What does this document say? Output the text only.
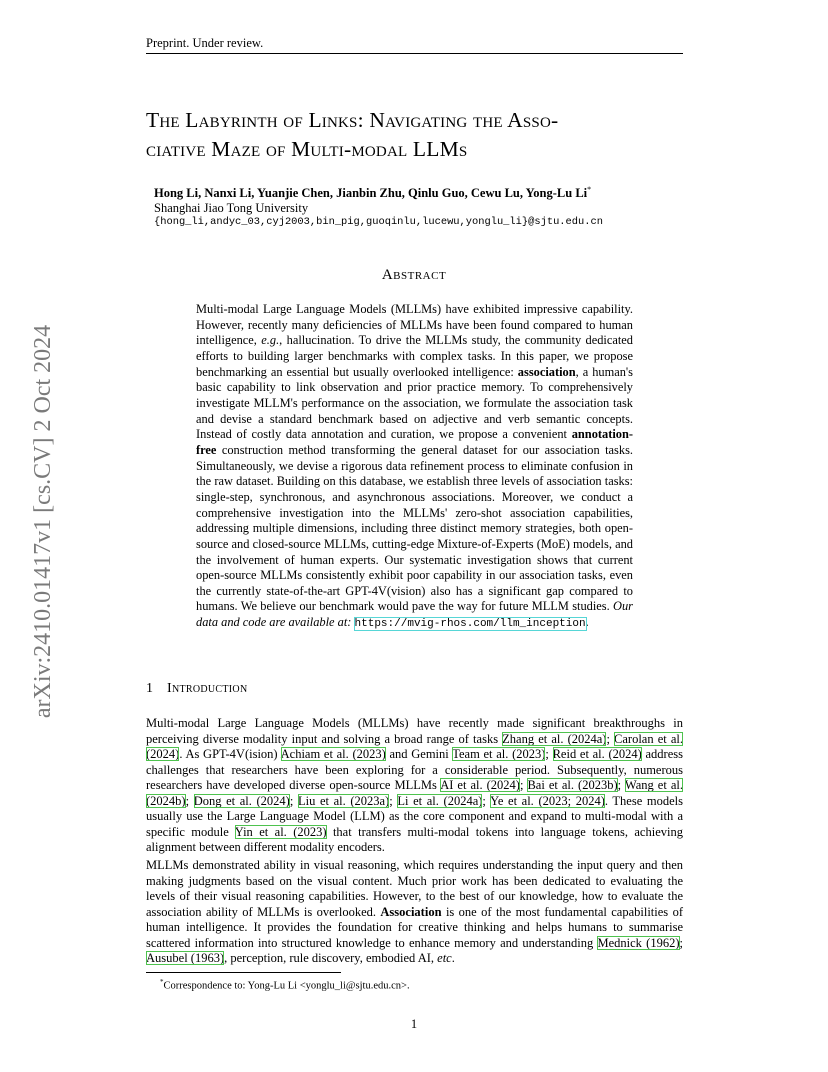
Preprint. Under review.
arXiv:2410.01417v1 [cs.CV] 2 Oct 2024
The Labyrinth of Links: Navigating the Asso-
ciative Maze of Multi-modal LLMs
Hong Li, Nanxi Li, Yuanjie Chen, Jianbin Zhu, Qinlu Guo, Cewu Lu, Yong-Lu Li*
Shanghai Jiao Tong University
{hong_li,andyc_03,cyj2003,bin_pig,guoqinlu,lucewu,yonglu_li}@sjtu.edu.cn
Abstract
Multi-modal Large Language Models (MLLMs) have exhibited impressive capability. However, recently many deficiencies of MLLMs have been found compared to human intelligence, e.g., hallucination. To drive the MLLMs study, the community dedicated efforts to building larger benchmarks with complex tasks. In this paper, we propose benchmarking an essential but usually overlooked intelligence: association, a human's basic capability to link observation and prior practice memory. To comprehensively investigate MLLM's performance on the association, we formulate the association task and devise a standard benchmark based on adjective and verb semantic concepts. Instead of costly data annotation and curation, we propose a convenient annotation-free construction method transforming the general dataset for our association tasks. Simultaneously, we devise a rigorous data refinement process to eliminate confusion in the raw dataset. Building on this database, we establish three levels of association tasks: single-step, synchronous, and asynchronous associations. Moreover, we conduct a comprehensive investigation into the MLLMs' zero-shot association capabilities, addressing multiple dimensions, including three distinct memory strategies, both open-source and closed-source MLLMs, cutting-edge Mixture-of-Experts (MoE) models, and the involvement of human experts. Our systematic investigation shows that current open-source MLLMs consistently exhibit poor capability in our association tasks, even the currently state-of-the-art GPT-4V(vision) also has a significant gap compared to humans. We believe our benchmark would pave the way for future MLLM studies. Our data and code are available at: https://mvig-rhos.com/llm_inception.
1 Introduction
Multi-modal Large Language Models (MLLMs) have recently made significant breakthroughs in perceiving diverse modality input and solving a broad range of tasks Zhang et al. (2024a); Carolan et al. (2024). As GPT-4V(ision) Achiam et al. (2023) and Gemini Team et al. (2023); Reid et al. (2024) address challenges that researchers have been exploring for a considerable period. Subsequently, numerous researchers have developed diverse open-source MLLMs AI et al. (2024); Bai et al. (2023b); Wang et al. (2024b); Dong et al. (2024); Liu et al. (2023a); Li et al. (2024a); Ye et al. (2023; 2024). These models usually use the Large Language Model (LLM) as the core component and expand to multi-modal with a specific module Yin et al. (2023) that transfers multi-modal tokens into language tokens, achieving alignment between different modality encoders.
MLLMs demonstrated ability in visual reasoning, which requires understanding the input query and then making judgments based on the visual content. Much prior work has been dedicated to evaluating the levels of their visual reasoning capabilities. However, to the best of our knowledge, how to evaluate the association ability of MLLMs is overlooked. Association is one of the most fundamental capabilities of human intelligence. It provides the foundation for creative thinking and helps humans to summarise scattered information into structured knowledge to enhance memory and understanding Mednick (1962); Ausubel (1963), perception, rule discovery, embodied AI, etc.
*Correspondence to: Yong-Lu Li <yonglu_li@sjtu.edu.cn>.
1
